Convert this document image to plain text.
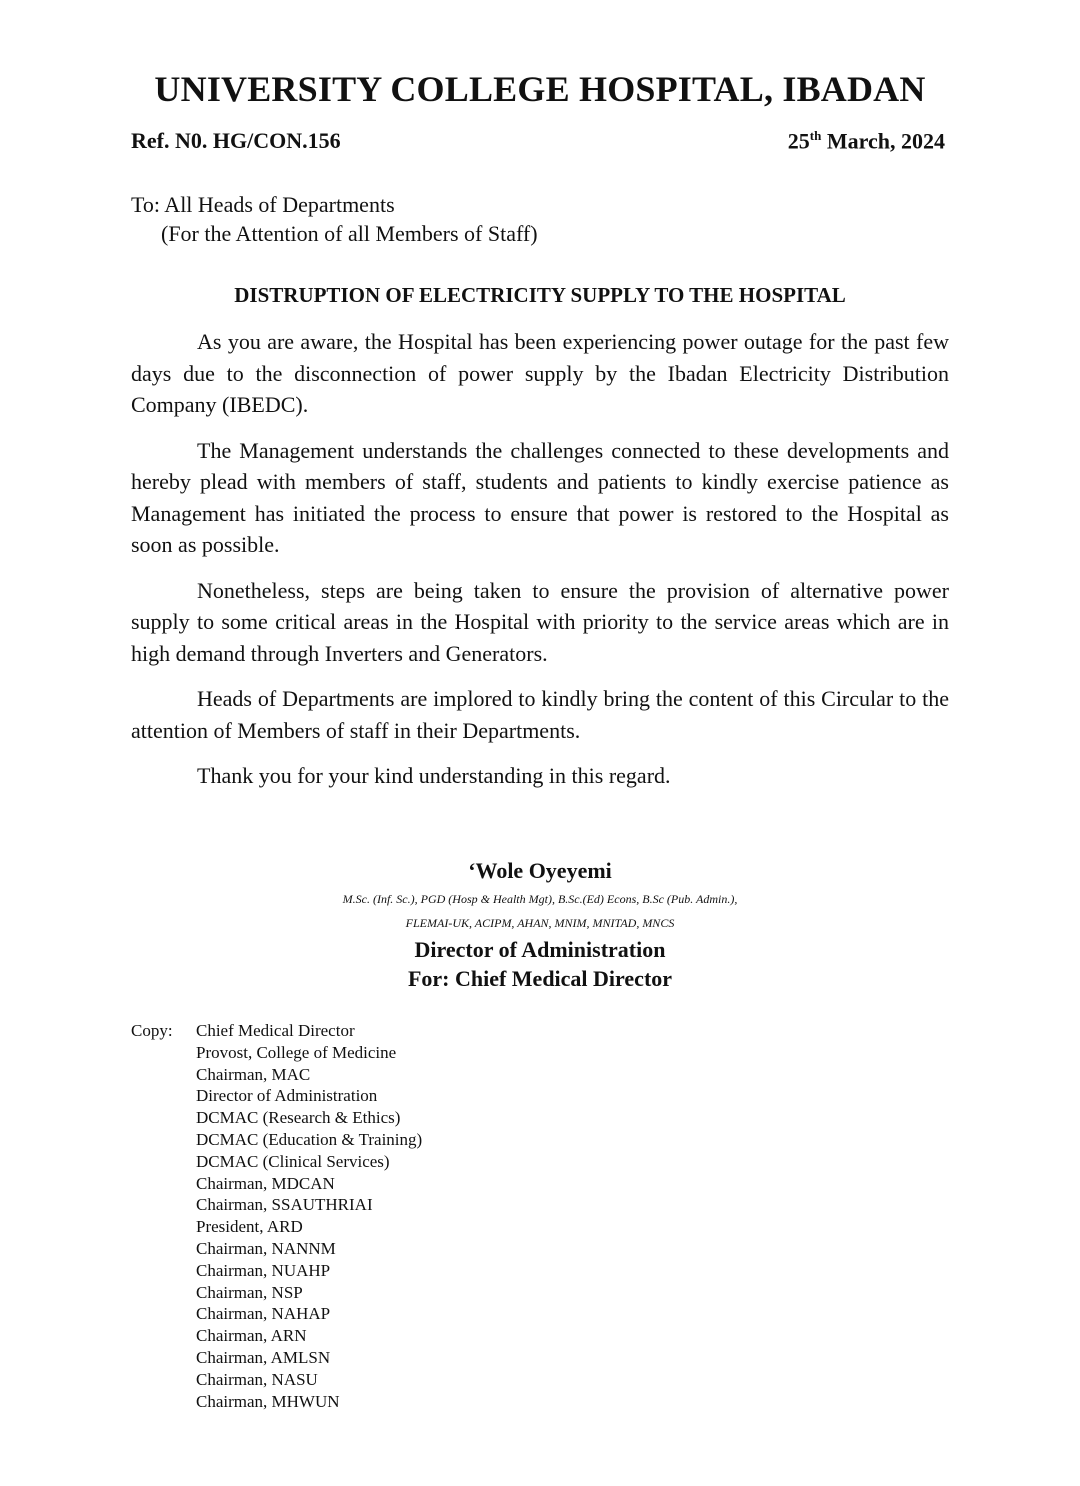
UNIVERSITY COLLEGE HOSPITAL, IBADAN
Ref. N0. HG/CON.156	25th March, 2024
To: All Heads of Departments
(For the Attention of all Members of Staff)
DISTRUPTION OF ELECTRICITY SUPPLY TO THE HOSPITAL

As you are aware, the Hospital has been experiencing power outage for the past few days due to the disconnection of power supply by the Ibadan Electricity Distribution Company (IBEDC).

The Management understands the challenges connected to these developments and hereby plead with members of staff, students and patients to kindly exercise patience as Management has initiated the process to ensure that power is restored to the Hospital as soon as possible.

Nonetheless, steps are being taken to ensure the provision of alternative power supply to some critical areas in the Hospital with priority to the service areas which are in high demand through Inverters and Generators.

Heads of Departments are implored to kindly bring the content of this Circular to the attention of Members of staff in their Departments.

Thank you for your kind understanding in this regard.

‘Wole Oyeyemi
M.Sc. (Inf. Sc.), PGD (Hosp & Health Mgt), B.Sc.(Ed) Econs, B.Sc (Pub. Admin.),
FLEMAI-UK, ACIPM, AHAN, MNIM, MNITAD, MNCS
Director of Administration
For: Chief Medical Director
Copy: Chief Medical Director
Provost, College of Medicine
Chairman, MAC
Director of Administration
DCMAC (Research & Ethics)
DCMAC (Education & Training)
DCMAC (Clinical Services)
Chairman, MDCAN
Chairman, SSAUTHRIAI
President, ARD
Chairman, NANNM
Chairman, NUAHP
Chairman, NSP
Chairman, NAHAP
Chairman, ARN
Chairman, AMLSN
Chairman, NASU
Chairman, MHWUN
